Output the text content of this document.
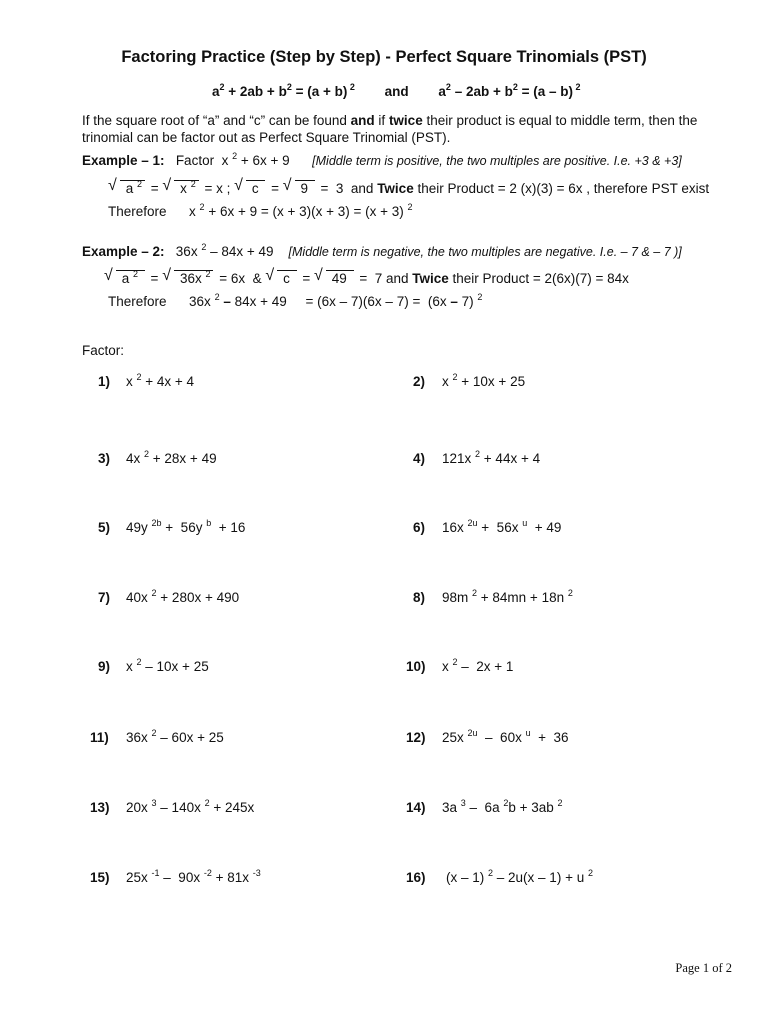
Factoring Practice (Step by Step) - Perfect Square Trinomials (PST)
$a^2 + 2ab + b^2 = (a + b)$ $^2$ and $a^2 - 2ab + b^2 = (a - b)$ $^2$
If the square root of “a” and “c” can be found and if twice their product is equal to middle term, then the trinomial can be factor out as Perfect Square Trinomial (PST).
Example – 1: Factor  x $^2$ + 6x + 9      [Middle term is positive, the two multiples are positive. I.e. +3 & +3]
√ a $^2$ = √ x $^2$ = x ; √ c  = √ 9  =  3  and Twice their Product = 2 (x)(3) = 6x , therefore PST exist
Therefore      x $^2$ + 6x + 9 = (x + 3)(x + 3) = (x + 3) $^2$
Example – 2:   36x $^2$ – 84x + 49    [Middle term is negative, the two multiples are negative. I.e. – 7 & – 7 )]
√ a $^2$  = √ 36x $^2$ = 6x  & √ c  = √ 49  =  7 and Twice their Product = 2(6x)(7) = 84x
Therefore      36x $^2$ – 84x + 49     = (6x – 7)(6x – 7) =  (6x – 7) $^2$
Factor:
1) x $^2$ + 4x + 4
3) 4x $^2$ + 28x + 49
5) 49y $^{2b}$ +  56y $^b$  + 16
7) 40x $^2$ + 280x + 490
9) x $^2$ – 10x + 25
11) 36x $^2$ – 60x + 25
13) 20x $^3$ – 140x $^2$ + 245x
15) 25x $^{-1}$ –  90x $^{-2}$ + 81x $^{-3}$
2) x $^2$ + 10x + 25
4) 121x $^2$ + 44x + 4
6) 16x $^{2u}$ +  56x $^u$  + 49
8) 98m $^2$ + 84mn + 18n $^2$
10) x $^2$ –  2x + 1
12) 25x $^{2u}$  –  60x $^u$  +  36
14) 3a $^3$ –  6a $^2$b + 3ab $^2$
16) (x – 1) $^2$ – 2u(x – 1) + u $^2$
Page 1 of 2
